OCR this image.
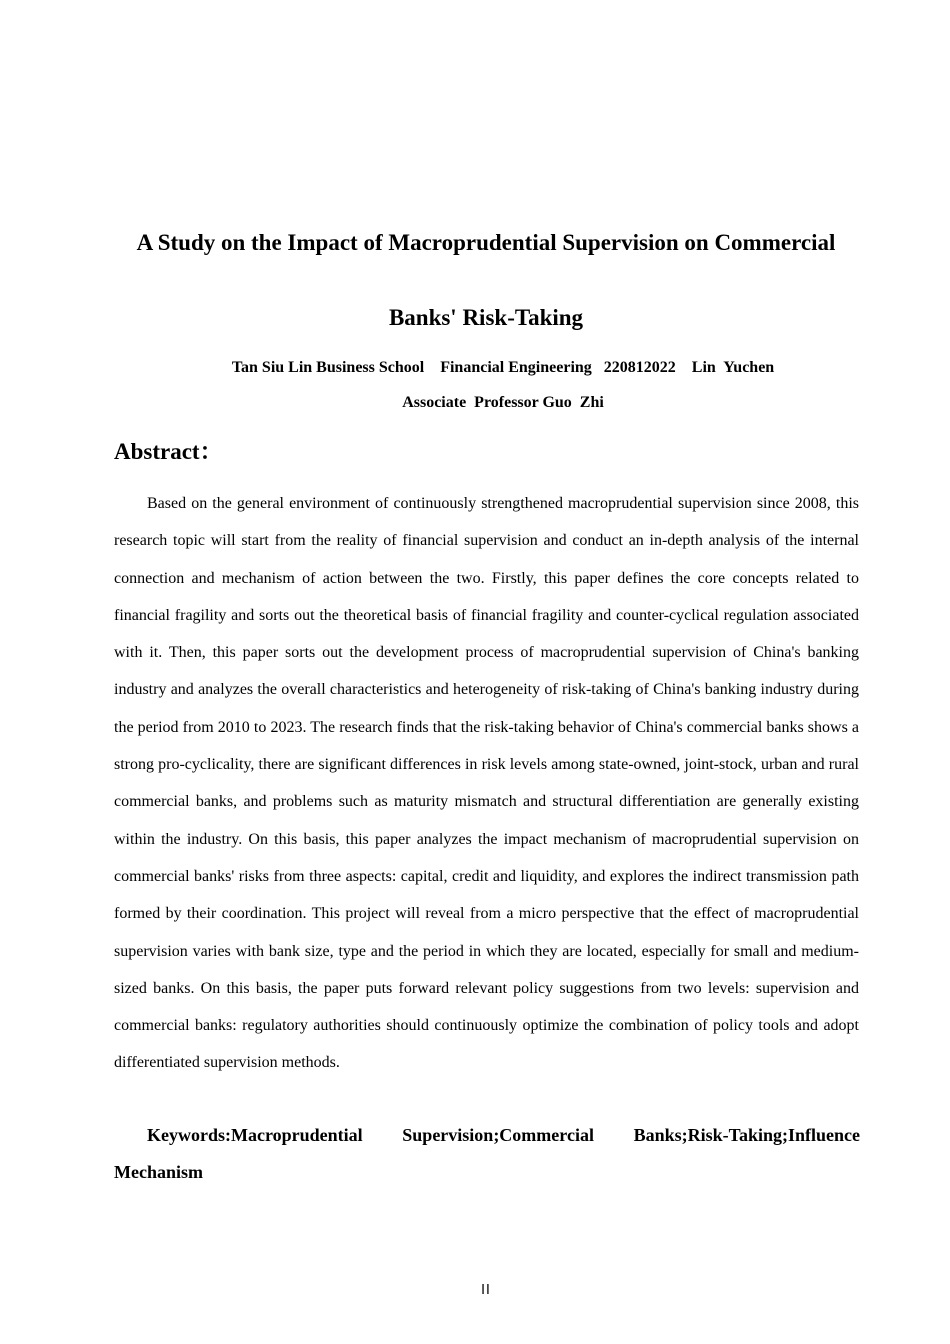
A Study on the Impact of Macroprudential Supervision on Commercial
Banks' Risk-Taking
Tan Siu Lin Business School    Financial Engineering   220812022    Lin  Yuchen
Associate  Professor Guo  Zhi
Abstract：

Based on the general environment of continuously strengthened macroprudential supervision since 2008, this research topic will start from the reality of financial supervision and conduct an in-depth analysis of the internal connection and mechanism of action between the two. Firstly, this paper defines the core concepts related to financial fragility and sorts out the theoretical basis of financial fragility and counter-cyclical regulation associated with it. Then, this paper sorts out the development process of macroprudential supervision of China's banking industry and analyzes the overall characteristics and heterogeneity of risk-taking of China's banking industry during the period from 2010 to 2023. The research finds that the risk-taking behavior of China's commercial banks shows a strong pro-cyclicality, there are significant differences in risk levels among state-owned, joint-stock, urban and rural commercial banks, and problems such as maturity mismatch and structural differentiation are generally existing within the industry. On this basis, this paper analyzes the impact mechanism of macroprudential supervision on commercial banks' risks from three aspects: capital, credit and liquidity, and explores the indirect transmission path formed by their coordination. This project will reveal from a micro perspective that the effect of macroprudential supervision varies with bank size, type and the period in which they are located, especially for small and medium-sized banks. On this basis, the paper puts forward relevant policy suggestions from two levels: supervision and commercial banks: regulatory authorities should continuously optimize the combination of policy tools and adopt differentiated supervision methods.

Keywords:Macroprudential Supervision;Commercial Banks;Risk-Taking;Influence Mechanism

II
